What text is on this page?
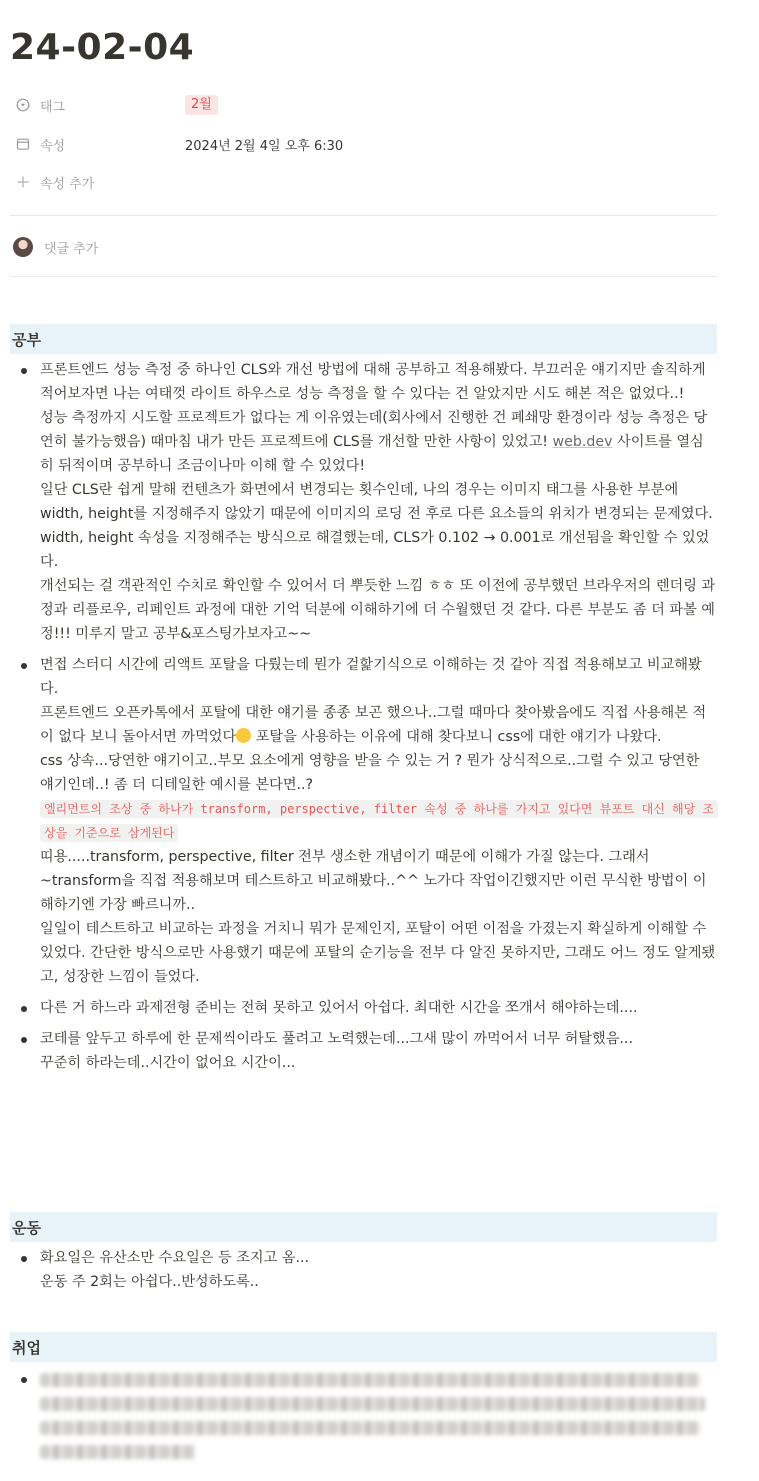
24-02-04
태그	2월
속성	2024년 2월 4일 오후 6:30
속성 추가
댓글 추가
공부
프론트엔드 성능 측정 중 하나인 CLS와 개선 방법에 대해 공부하고 적용해봤다. 부끄러운 얘기지만 솔직하게 적어보자면 나는 여태껏 라이트 하우스로 성능 측정을 할 수 있다는 건 알았지만 시도 해본 적은 없었다..!
성능 측정까지 시도할 프로젝트가 없다는 게 이유였는데(회사에서 진행한 건 폐쇄망 환경이라 성능 측정은 당연히 불가능했음) 때마침 내가 만든 프로젝트에 CLS를 개선할 만한 사항이 있었고! web.dev 사이트를 열심히 뒤적이며 공부하니 조금이나마 이해 할 수 있었다!
일단 CLS란 쉽게 말해 컨텐츠가 화면에서 변경되는 횟수인데, 나의 경우는 이미지 태그를 사용한 부분에 width, height를 지정해주지 않았기 때문에 이미지의 로딩 전 후로 다른 요소들의 위치가 변경되는 문제였다.
width, height 속성을 지정해주는 방식으로 해결했는데, CLS가 0.102 → 0.001로 개선됨을 확인할 수 있었다.
개선되는 걸 객관적인 수치로 확인할 수 있어서 더 뿌듯한 느낌 ㅎㅎ 또 이전에 공부했던 브라우저의 렌더링 과정과 리플로우, 리페인트 과정에 대한 기억 덕분에 이해하기에 더 수월했던 것 같다. 다른 부분도 좀 더 파볼 예정!!! 미루지 말고 공부&포스팅가보자고~~
면접 스터디 시간에 리액트 포탈을 다뤘는데 뭔가 겉핥기식으로 이해하는 것 같아 직접 적용해보고 비교해봤다.
프론트엔드 오픈카톡에서 포탈에 대한 얘기를 종종 보곤 했으나..그럴 때마다 찾아봤음에도 직접 사용해본 적이 없다 보니 돌아서면 까먹었다 포탈을 사용하는 이유에 대해 찾다보니 css에 대한 얘기가 나왔다.
css 상속...당연한 얘기이고..부모 요소에게 영향을 받을 수 있는 거 ? 뭔가 상식적으로..그럴 수 있고 당연한 얘기인데..! 좀 더 디테일한 예시를 본다면..?
엘리먼트의 조상 중 하나가 transform, perspective, filter 속성 중 하나를 가지고 있다면 뷰포트 대신 해당 조상을 기준으로 삼게된다
띠용.....transform, perspective, filter 전부 생소한 개념이기 때문에 이해가 가질 않는다. 그래서 ~transform을 직접 적용해보며 테스트하고 비교해봤다..^^ 노가다 작업이긴했지만 이런 무식한 방법이 이해하기엔 가장 빠르니까..
일일이 테스트하고 비교하는 과정을 거치니 뭐가 문제인지, 포탈이 어떤 이점을 가졌는지 확실하게 이해할 수 있었다. 간단한 방식으로만 사용했기 때문에 포탈의 순기능을 전부 다 알진 못하지만, 그래도 어느 정도 알게됐고, 성장한 느낌이 들었다.
다른 거 하느라 과제전형 준비는 전혀 못하고 있어서 아쉽다. 최대한 시간을 쪼개서 해야하는데....
코테를 앞두고 하루에 한 문제씩이라도 풀려고 노력했는데...그새 많이 까먹어서 너무 허탈했음...
꾸준히 하라는데..시간이 없어요 시간이...
운동
화요일은 유산소만 수요일은 등 조지고 옴...
운동 주 2회는 아쉽다..반성하도록..
취업
